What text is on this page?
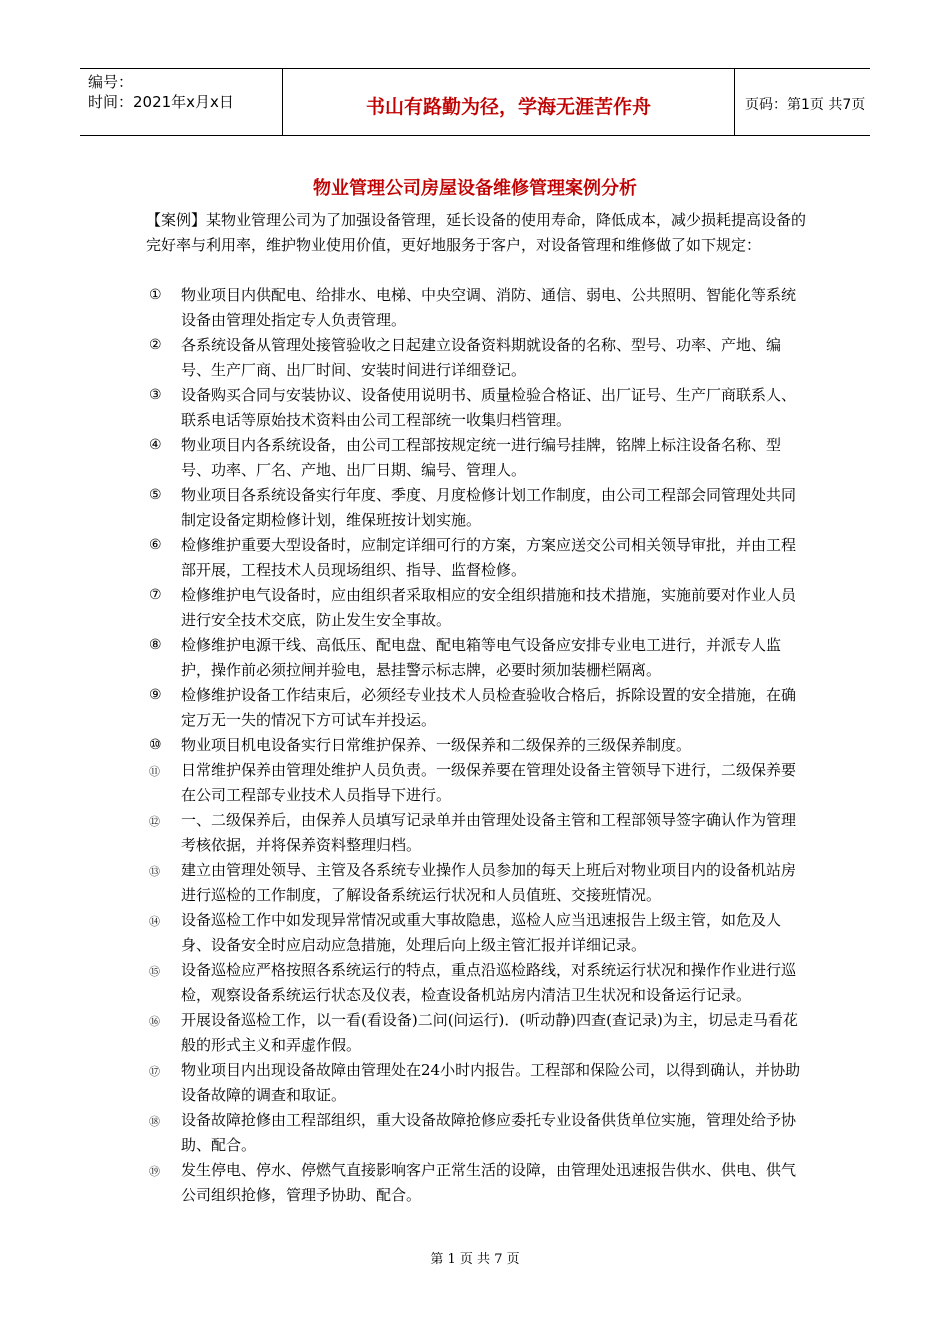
编号：
时间：2021年x月x日	书山有路勤为径，学海无涯苦作舟	页码：第1页 共7页
物业管理公司房屋设备维修管理案例分析
【案例】某物业管理公司为了加强设备管理，延长设备的使用寿命，降低成本，减少损耗提高设备的完好率与利用率，维护物业使用价值，更好地服务于客户，对设备管理和维修做了如下规定：
①	物业项目内供配电、给排水、电梯、中央空调、消防、通信、弱电、公共照明、智能化等系统设备由管理处指定专人负责管理。
②	各系统设备从管理处接管验收之日起建立设备资料期就设备的名称、型号、功率、产地、编号、生产厂商、出厂时间、安装时间进行详细登记。
③	设备购买合同与安装协议、设备使用说明书、质量检验合格证、出厂证号、生产厂商联系人、联系电话等原始技术资料由公司工程部统一收集归档管理。
④	物业项目内各系统设备，由公司工程部按规定统一进行编号挂牌，铭牌上标注设备名称、型号、功率、厂名、产地、出厂日期、编号、管理人。
⑤	物业项目各系统设备实行年度、季度、月度检修计划工作制度，由公司工程部会同管理处共同制定设备定期检修计划，维保班按计划实施。
⑥	检修维护重要大型设备时，应制定详细可行的方案，方案应送交公司相关领导审批，并由工程部开展，工程技术人员现场组织、指导、监督检修。
⑦	检修维护电气设备时，应由组织者采取相应的安全组织措施和技术措施，实施前要对作业人员进行安全技术交底，防止发生安全事故。
⑧	检修维护电源干线、高低压、配电盘、配电箱等电气设备应安排专业电工进行，并派专人监护，操作前必须拉闸并验电，悬挂警示标志牌，必要时须加装栅栏隔离。
⑨	检修维护设备工作结束后，必须经专业技术人员检查验收合格后，拆除设置的安全措施，在确定万无一失的情况下方可试车并投运。
⑩	物业项目机电设备实行日常维护保养、一级保养和二级保养的三级保养制度。
⑪	日常维护保养由管理处维护人员负责。一级保养要在管理处设备主管领导下进行，二级保养要在公司工程部专业技术人员指导下进行。
⑫	一、二级保养后，由保养人员填写记录单并由管理处设备主管和工程部领导签字确认作为管理考核依据，并将保养资料整理归档。
⑬	建立由管理处领导、主管及各系统专业操作人员参加的每天上班后对物业项目内的设备机站房进行巡检的工作制度，了解设备系统运行状况和人员值班、交接班情况。
⑭	设备巡检工作中如发现异常情况或重大事故隐患，巡检人应当迅速报告上级主管，如危及人身、设备安全时应启动应急措施，处理后向上级主管汇报并详细记录。
⑮	设备巡检应严格按照各系统运行的特点，重点沿巡检路线，对系统运行状况和操作作业进行巡检，观察设备系统运行状态及仪表，检查设备机站房内清洁卫生状况和设备运行记录。
⑯	开展设备巡检工作，以一看(看设备)二问(问运行)．(听动静)四查(查记录)为主，切忌走马看花般的形式主义和弄虚作假。
⑰	物业项目内出现设备故障由管理处在24小时内报告。工程部和保险公司，以得到确认，并协助设备故障的调查和取证。
⑱	设备故障抢修由工程部组织，重大设备故障抢修应委托专业设备供货单位实施，管理处给予协助、配合。
⑲	发生停电、停水、停燃气直接影响客户正常生活的设障，由管理处迅速报告供水、供电、供气公司组织抢修，管理予协助、配合。
第 1 页 共 7 页
